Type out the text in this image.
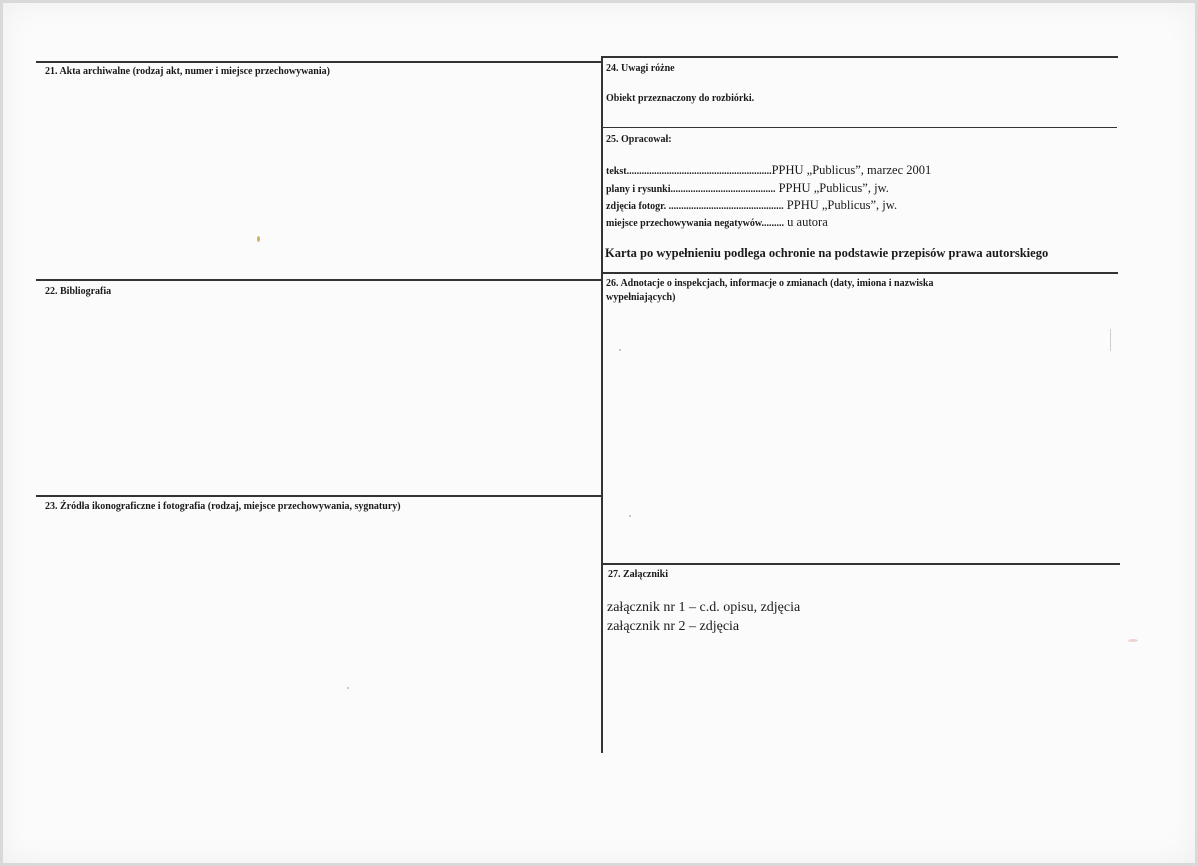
21. Akta archiwalne (rodzaj akt, numer i miejsce przechowywania)
22. Bibliografia
23. Źródła ikonograficzne i fotografia (rodzaj, miejsce przechowywania, sygnatury)
24. Uwagi różne
Obiekt przeznaczony do rozbiórki.
25. Opracował:
tekst..........................................................PPHU „Publicus”, marzec 2001
plany i rysunki.......................................... PPHU „Publicus”, jw.
zdjęcia fotogr. .............................................. PPHU „Publicus”, jw.
miejsce przechowywania negatywów......... u autora
Karta po wypełnieniu podlega ochronie na podstawie przepisów prawa autorskiego
26. Adnotacje o inspekcjach, informacje o zmianach (daty, imiona i nazwiska
wypełniających)
27. Załączniki
załącznik nr 1 – c.d. opisu, zdjęcia
załącznik nr 2 – zdjęcia
